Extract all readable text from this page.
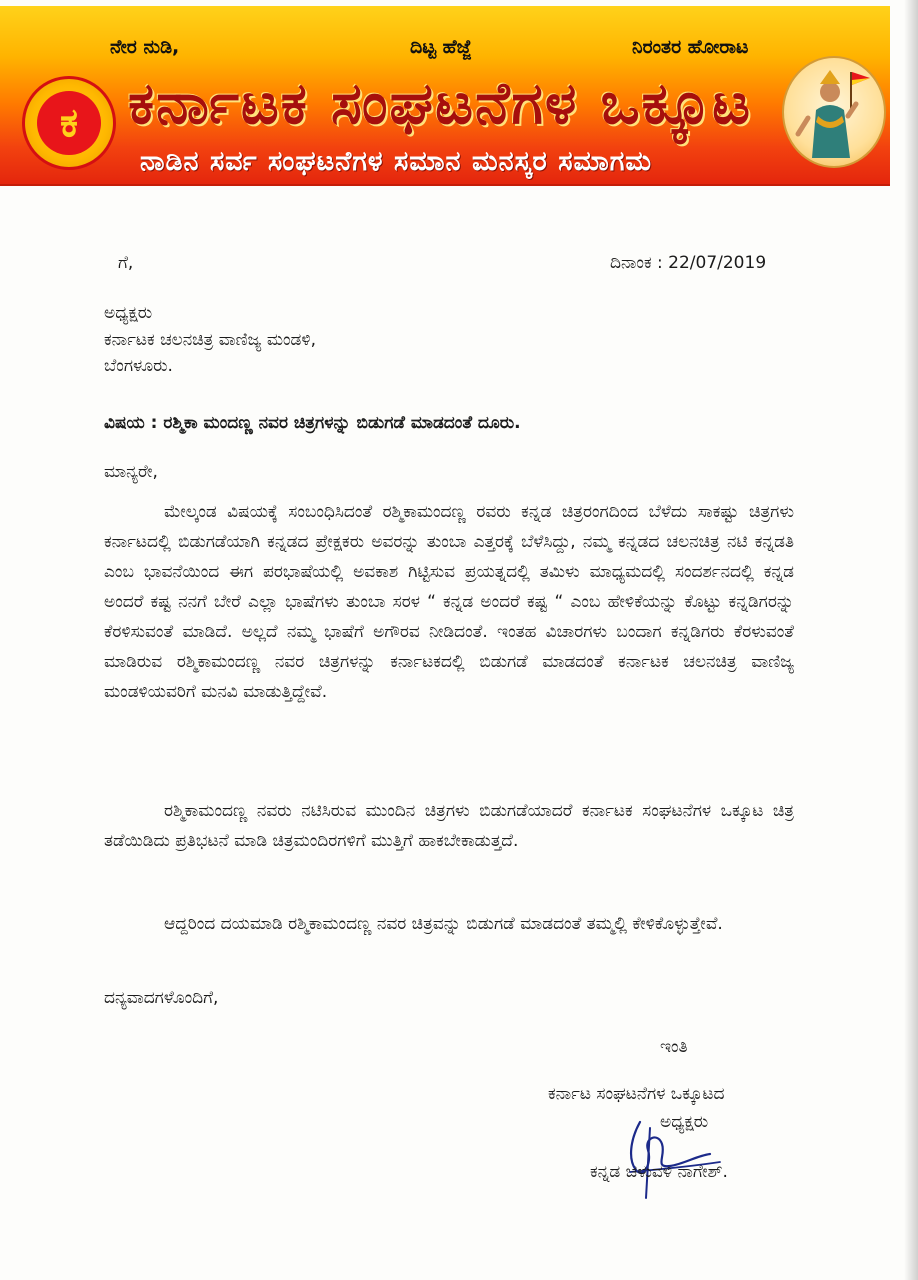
ಕ
ನೇರ ನುಡಿ,	ದಿಟ್ಟ ಹೆಜ್ಜೆ	ನಿರಂತರ ಹೋರಾಟ
ಕರ್ನಾಟಕ ಸಂಘಟನೆಗಳ ಒಕ್ಕೂಟ
ನಾಡಿನ ಸರ್ವ ಸಂಘಟನೆಗಳ ಸಮಾನ ಮನಸ್ಕರ ಸಮಾಗಮ
ಗೆ,	ದಿನಾಂಕ : 22/07/2019
ಅಧ್ಯಕ್ಷರು
ಕರ್ನಾಟಕ ಚಲನಚಿತ್ರ ವಾಣಿಜ್ಯ ಮಂಡಳಿ,
ಬೆಂಗಳೂರು.
ವಿಷಯ : ರಶ್ಮಿಕಾ ಮಂದಣ್ಣ ನವರ ಚಿತ್ರಗಳನ್ನು ಬಿಡುಗಡೆ ಮಾಡದಂತೆ ದೂರು.
ಮಾನ್ಯರೇ,
ಮೇಲ್ಕಂಡ ವಿಷಯಕ್ಕೆ ಸಂಬಂಧಿಸಿದಂತೆ ರಶ್ಮಿಕಾಮಂದಣ್ಣ ರವರು ಕನ್ನಡ ಚಿತ್ರರಂಗದಿಂದ ಬೆಳೆದು ಸಾಕಷ್ಟು ಚಿತ್ರಗಳು ಕರ್ನಾಟದಲ್ಲಿ ಬಿಡುಗಡೆಯಾಗಿ ಕನ್ನಡದ ಪ್ರೇಕ್ಷಕರು ಅವರನ್ನು ತುಂಬಾ ಎತ್ತರಕ್ಕೆ ಬೆಳೆಸಿದ್ದು, ನಮ್ಮ ಕನ್ನಡದ ಚಲನಚಿತ್ರ ನಟಿ ಕನ್ನಡತಿ ಎಂಬ ಭಾವನೆಯಿಂದ ಈಗ ಪರಭಾಷೆಯಲ್ಲಿ ಅವಕಾಶ ಗಿಟ್ಟಿಸುವ ಪ್ರಯತ್ನದಲ್ಲಿ ತಮಿಳು ಮಾಧ್ಯಮದಲ್ಲಿ ಸಂದರ್ಶನದಲ್ಲಿ ಕನ್ನಡ ಅಂದರೆ ಕಷ್ಟ ನನಗೆ ಬೇರೆ ಎಲ್ಲಾ ಭಾಷೆಗಳು ತುಂಬಾ ಸರಳ “ ಕನ್ನಡ ಅಂದರೆ ಕಷ್ಟ “ ಎಂಬ ಹೇಳಿಕೆಯನ್ನು ಕೊಟ್ಟು ಕನ್ನಡಿಗರನ್ನು ಕೆರಳಿಸುವಂತೆ ಮಾಡಿದೆ. ಅಲ್ಲದೆ ನಮ್ಮ ಭಾಷೆಗೆ ಅಗೌರವ ನೀಡಿದಂತೆ. ಇಂತಹ ವಿಚಾರಗಳು ಬಂದಾಗ ಕನ್ನಡಿಗರು ಕೆರಳುವಂತೆ ಮಾಡಿರುವ ರಶ್ಮಿಕಾಮಂದಣ್ಣ ನವರ ಚಿತ್ರಗಳನ್ನು ಕರ್ನಾಟಕದಲ್ಲಿ ಬಿಡುಗಡೆ ಮಾಡದಂತೆ ಕರ್ನಾಟಕ ಚಲನಚಿತ್ರ ವಾಣಿಜ್ಯ ಮಂಡಳಿಯವರಿಗೆ ಮನವಿ ಮಾಡುತ್ತಿದ್ದೇವೆ.
ರಶ್ಮಿಕಾಮಂದಣ್ಣ ನವರು ನಟಿಸಿರುವ ಮುಂದಿನ ಚಿತ್ರಗಳು ಬಿಡುಗಡೆಯಾದರೆ ಕರ್ನಾಟಕ ಸಂಘಟನೆಗಳ ಒಕ್ಕೂಟ ಚಿತ್ರ ತಡೆಯಿಡಿದು ಪ್ರತಿಭಟನೆ ಮಾಡಿ ಚಿತ್ರಮಂದಿರಗಳಿಗೆ ಮುತ್ತಿಗೆ ಹಾಕಬೇಕಾಡುತ್ತದೆ.
ಆದ್ದರಿಂದ ದಯಮಾಡಿ ರಶ್ಮಿಕಾಮಂದಣ್ಣ ನವರ ಚಿತ್ರವನ್ನು ಬಿಡುಗಡೆ ಮಾಡದಂತೆ ತಮ್ಮಲ್ಲಿ ಕೇಳಿಕೊಳ್ಳುತ್ತೇವೆ.
ದನ್ಯವಾದಗಳೊಂದಿಗೆ,
ಇಂತಿ
ಕರ್ನಾಟ ಸಂಘಟನೆಗಳ ಒಕ್ಕೂಟದ
ಅಧ್ಯಕ್ಷರು
ಕನ್ನಡ ಚಳುವಳಿ ನಾಗೇಶ್.
